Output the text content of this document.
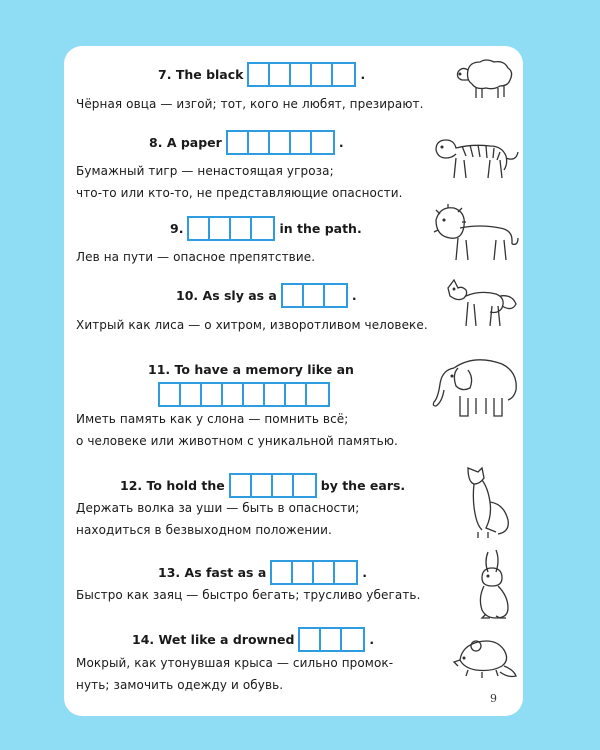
7.
The black	.
Чёрная овца — изгой; тот, кого не любят, презирают.
8.
A paper	.
Бумажный тигр — ненастоящая угроза;
что-то или кто-то, не представляющие опасности.
9.	in the path.
Лев на пути — опасное препятствие.
10.
As sly as a	.
Хитрый как лиса — о хитром, изворотливом человеке.
11.
To have a memory like an
Иметь память как у слона — помнить всё;
о человеке или животном с уникальной памятью.
12.
To hold the	by the ears.
Держать волка за уши — быть в опасности;
находиться в безвыходном положении.
13.
As fast as a	.
Быстро как заяц — быстро бегать; трусливо убегать.
14.
Wet like a drowned	.
Мокрый, как утонувшая крыса — сильно промок-
нуть; замочить одежду и обувь.
9
